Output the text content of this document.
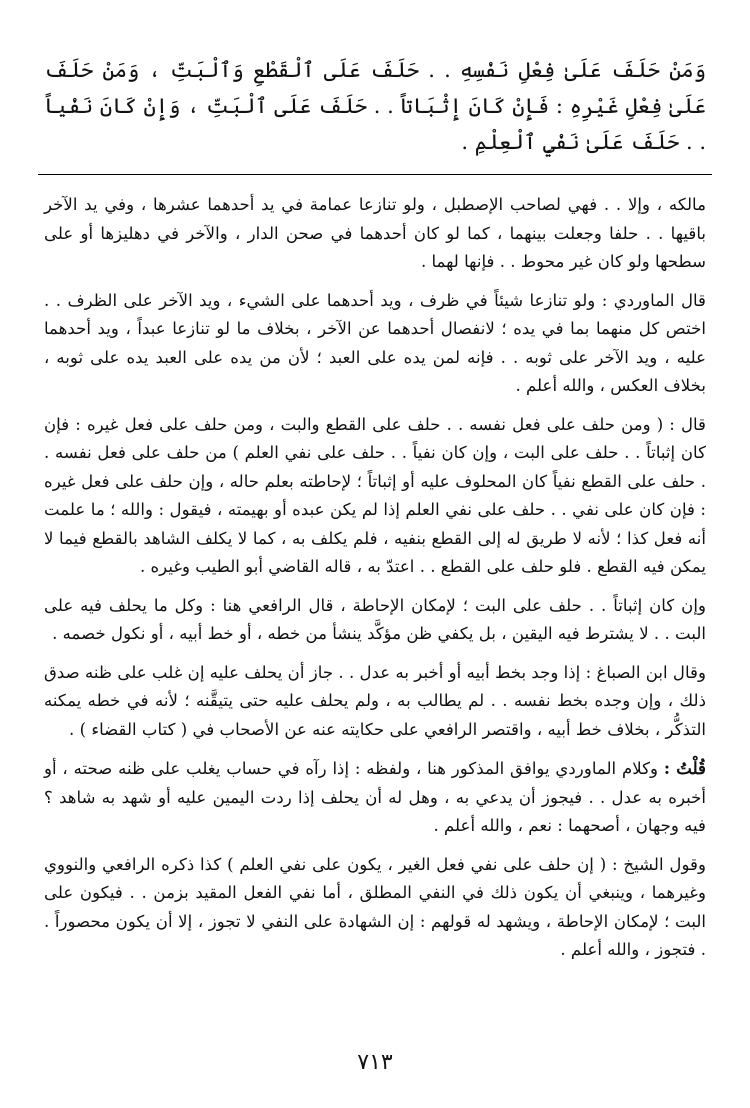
وَمَنْ حَلَفَ عَلَىٰ فِعْلِ نَفْسِهِ . . حَلَفَ عَلَى ٱلْقَطْعِ وَٱلْبَتِّ ، وَمَنْ حَلَفَ عَلَىٰ فِعْلِ غَيْرِهِ : فَإِنْ كَانَ إِثْبَاتاً . . حَلَفَ عَلَى ٱلْبَتِّ ، وَإِنْ كَانَ نَفْياً . . حَلَفَ عَلَىٰ نَفْيِ ٱلْعِلْمِ .

مالكه ، وإلا . . فهي لصاحب الإصطبل ، ولو تنازعا عمامة في يد أحدهما عشرها ، وفي يد الآخر باقيها . . حلفا وجعلت بينهما ، كما لو كان أحدهما في صحن الدار ، والآخر في دهليزها أو على سطحها ولو كان غير محوط . . فإنها لهما .

قال الماوردي : ولو تنازعا شيئاً في ظرف ، ويد أحدهما على الشيء ، ويد الآخر على الظرف . . اختص كل منهما بما في يده ؛ لانفصال أحدهما عن الآخر ، بخلاف ما لو تنازعا عبداً ، ويد أحدهما عليه ، ويد الآخر على ثوبه . . فإنه لمن يده على العبد ؛ لأن من يده على العبد يده على ثوبه ، بخلاف العكس ، والله أعلم .

قال : ( ومن حلف على فعل نفسه . . حلف على القطع والبت ، ومن حلف على فعل غيره : فإن كان إثباتاً . . حلف على البت ، وإن كان نفياً . . حلف على نفي العلم ) من حلف على فعل نفسه . . حلف على القطع نفياً كان المحلوف عليه أو إثباتاً ؛ لإحاطته بعلم حاله ، وإن حلف على فعل غيره : فإن كان على نفي . . حلف على نفي العلم إذا لم يكن عبده أو بهيمته ، فيقول : والله ؛ ما علمت أنه فعل كذا ؛ لأنه لا طريق له إلى القطع بنفيه ، فلم يكلف به ، كما لا يكلف الشاهد بالقطع فيما لا يمكن فيه القطع . فلو حلف على القطع . . اعتدّ به ، قاله القاضي أبو الطيب وغيره .

وإن كان إثباتاً . . حلف على البت ؛ لإمكان الإحاطة ، قال الرافعي هنا : وكل ما يحلف فيه على البت . . لا يشترط فيه اليقين ، بل يكفي ظن مؤكَّد ينشأ من خطه ، أو خط أبيه ، أو نكول خصمه .

وقال ابن الصباغ : إذا وجد بخط أبيه أو أخبر به عدل . . جاز أن يحلف عليه إن غلب على ظنه صدق ذلك ، وإن وجده بخط نفسه . . لم يطالب به ، ولم يحلف عليه حتى يتيقَّنه ؛ لأنه في خطه يمكنه التذكُّر ، بخلاف خط أبيه ، واقتصر الرافعي على حكايته عنه عن الأصحاب في ( كتاب القضاء ) .

قُلْتُ : وكلام الماوردي يوافق المذكور هنا ، ولفظه : إذا رآه في حساب يغلب على ظنه صحته ، أو أخبره به عدل . . فيجوز أن يدعي به ، وهل له أن يحلف إذا ردت اليمين عليه أو شهد به شاهد ؟ فيه وجهان ، أصحهما : نعم ، والله أعلم .

وقول الشيخ : ( إن حلف على نفي فعل الغير ، يكون على نفي العلم ) كذا ذكره الرافعي والنووي وغيرهما ، وينبغي أن يكون ذلك في النفي المطلق ، أما نفي الفعل المقيد بزمن . . فيكون على البت ؛ لإمكان الإحاطة ، ويشهد له قولهم : إن الشهادة على النفي لا تجوز ، إلا أن يكون محصوراً . . فتجوز ، والله أعلم .

٧١٣
